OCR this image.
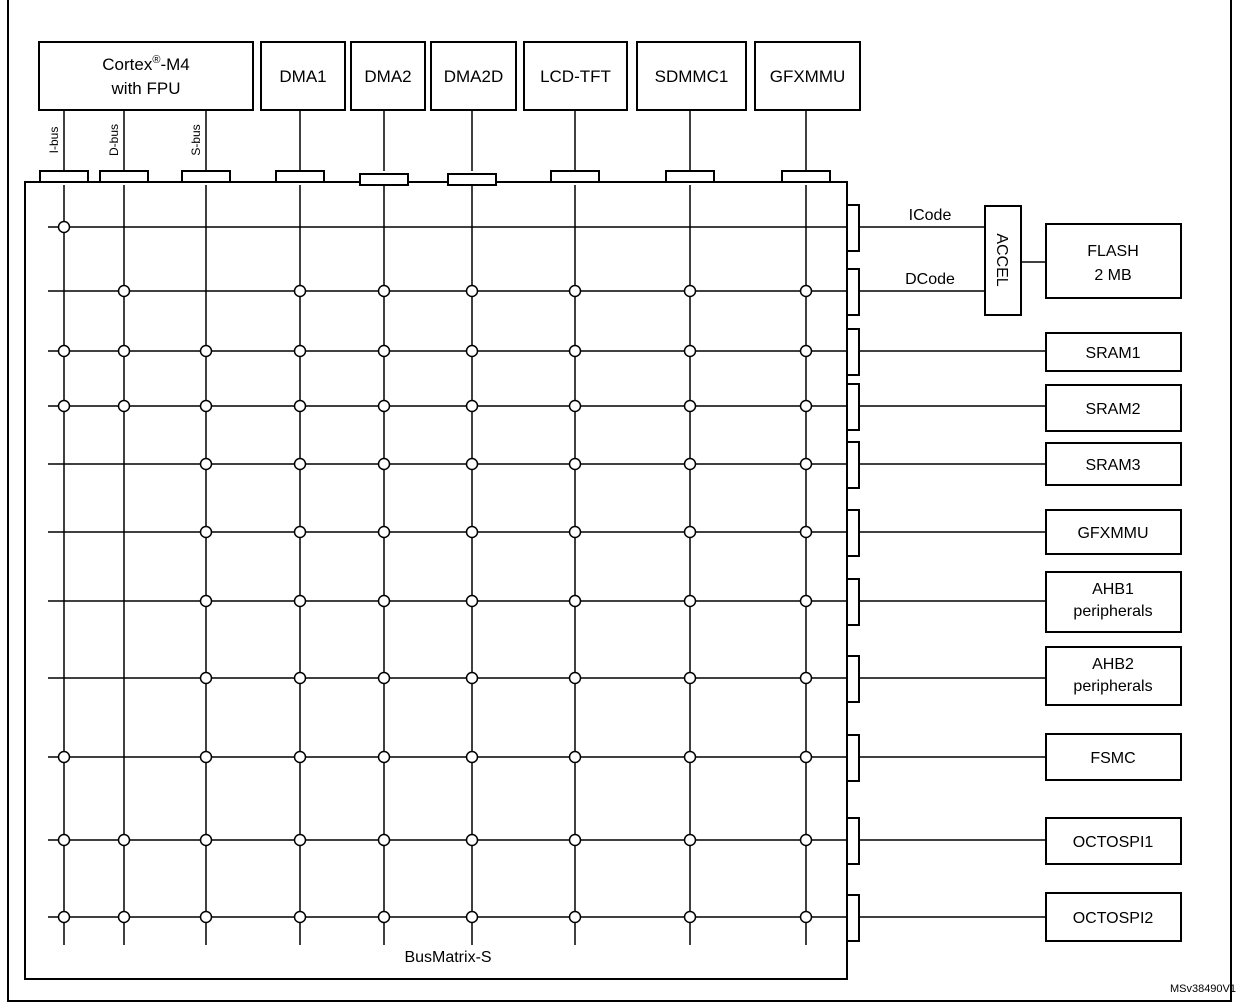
Cortex®-M4
with FPU
DMA1 DMA2 DMA2D LCD-TFT	SDMMC1 GFXMMU
I-bus	D-bus	S-bus
ICode
DCode
SRAM1
SRAM2
SRAM3
GFXMMU
AHB1
peripherals
AHB2
peripherals
FSMC
OCTOSPI1
OCTOSPI2
ACCEL	FLASH
2 MB
BusMatrix-S
MSv38490V1
